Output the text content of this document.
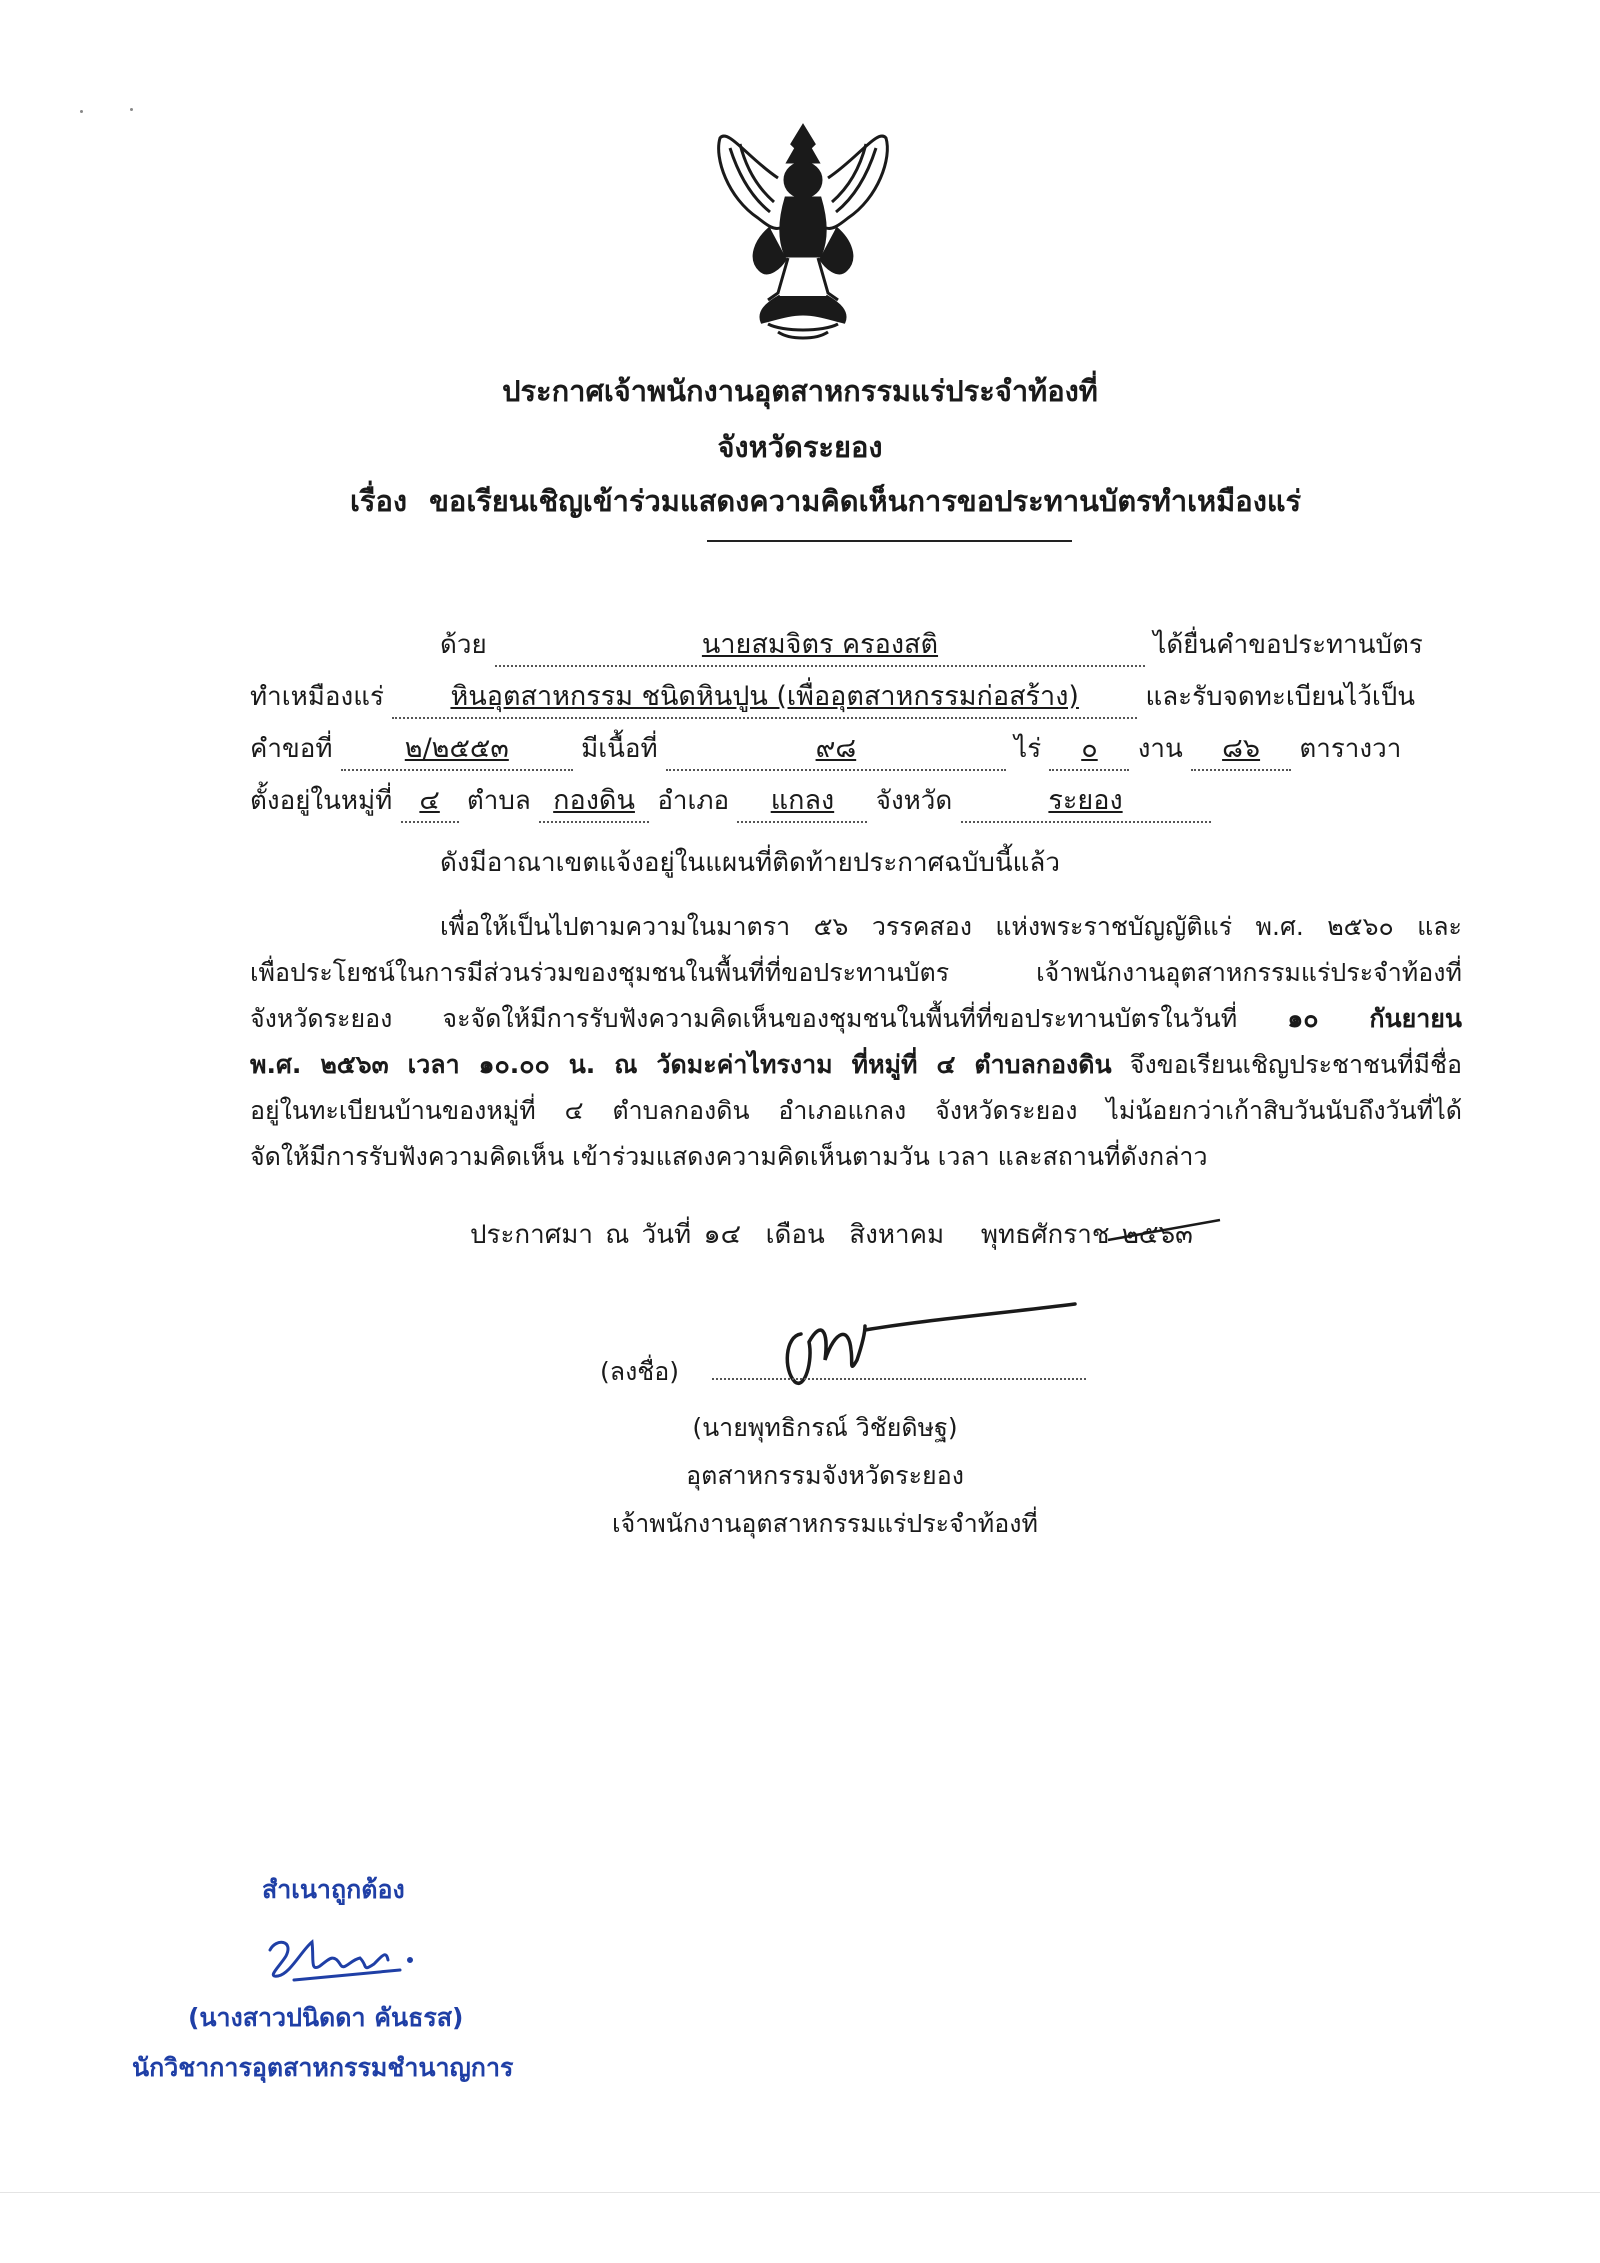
ประกาศเจ้าพนักงานอุตสาหกรรมแร่ประจำท้องที่
จังหวัดระยอง
เรื่อง ขอเรียนเชิญเข้าร่วมแสดงความคิดเห็นการขอประทานบัตรทำเหมืองแร่
ด้วย	นายสมจิตร ครองสติ	ได้ยื่นคำขอประทานบัตร
ทำเหมืองแร่ หินอุตสาหกรรม ชนิดหินปูน (เพื่ออุตสาหกรรมก่อสร้าง)	และรับจดทะเบียนไว้เป็น
คำขอที่	๒/๒๕๕๓	มีเนื้อที่	๙๘	ไร่ ๐ งาน ๘๖ ตารางวา
ตั้งอยู่ในหมู่ที่ ๔ ตำบล กองดิน อำเภอ แกลง จังหวัด	ระยอง
ดังมีอาณาเขตแจ้งอยู่ในแผนที่ติดท้ายประกาศฉบับนี้แล้ว
เพื่อให้เป็นไปตามความในมาตรา ๕๖ วรรคสอง แห่งพระราชบัญญัติแร่ พ.ศ. ๒๕๖๐ และ
เพื่อประโยชน์ในการมีส่วนร่วมของชุมชนในพื้นที่ที่ขอประทานบัตร เจ้าพนักงานอุตสาหกรรมแร่ประจำท้องที่
จังหวัดระยอง จะจัดให้มีการรับฟังความคิดเห็นของชุมชนในพื้นที่ที่ขอประทานบัตรในวันที่ ๑๐ กันยายน
พ.ศ. ๒๕๖๓ เวลา ๑๐.๐๐ น. ณ วัดมะค่าไทรงาม ที่หมู่ที่ ๔ ตำบลกองดิน จึงขอเรียนเชิญประชาชนที่มีชื่อ
อยู่ในทะเบียนบ้านของหมู่ที่ ๔ ตำบลกองดิน อำเภอแกลง จังหวัดระยอง ไม่น้อยกว่าเก้าสิบวันนับถึงวันที่ได้
จัดให้มีการรับฟังความคิดเห็น เข้าร่วมแสดงความคิดเห็นตามวัน เวลา และสถานที่ดังกล่าว
ประกาศมา ณ วันที่ ๑๔ เดือน สิงหาคม พุทธศักราช ๒๕๖๓
(ลงชื่อ)
(นายพุทธิกรณ์ วิชัยดิษฐ)
อุตสาหกรรมจังหวัดระยอง
เจ้าพนักงานอุตสาหกรรมแร่ประจำท้องที่
สำเนาถูกต้อง
(นางสาวปนิดดา คันธรส)
นักวิชาการอุตสาหกรรมชำนาญการ
